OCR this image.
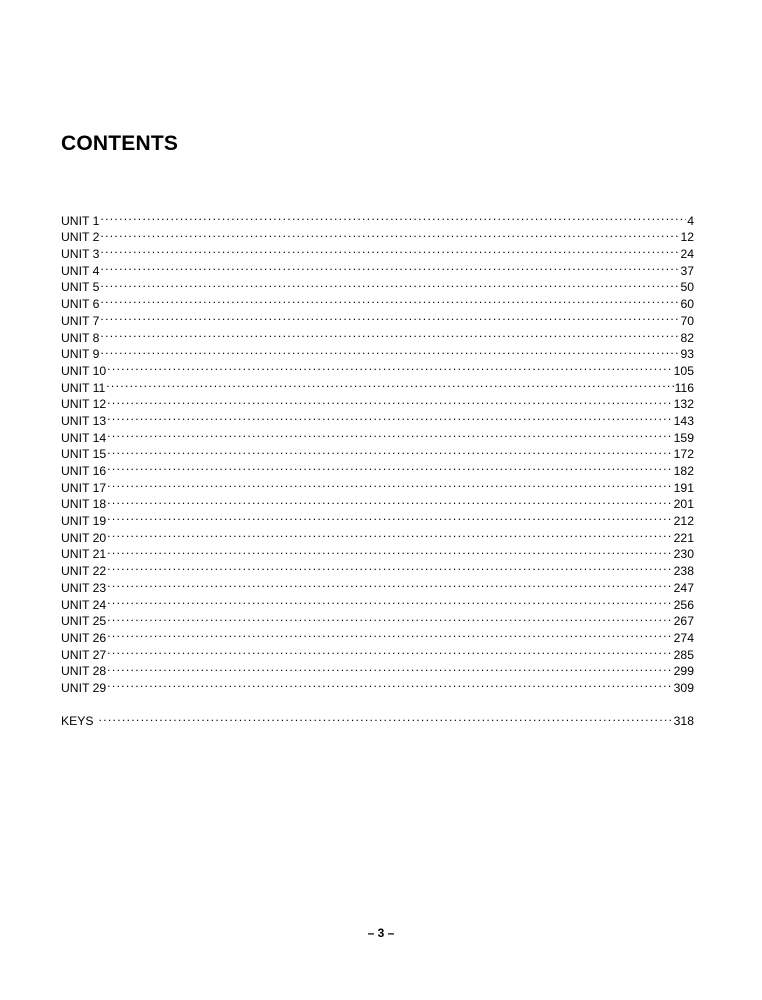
CONTENTS
UNIT 1 . . .	4
UNIT 2 . . .	12
UNIT 3 . . .	24
UNIT 4 . . .	37
UNIT 5 . . .	50
UNIT 6 . . .	60
UNIT 7 . . .	70
UNIT 8 . . .	82
UNIT 9 . . .	93
UNIT 10 . . .	105
UNIT 11 . . .	116
UNIT 12 . . .	132
UNIT 13 . . .	143
UNIT 14 . . .	159
UNIT 15 . . .	172
UNIT 16 . . .	182
UNIT 17 . . .	191
UNIT 18 . . .	201
UNIT 19 . . .	212
UNIT 20 . . .	221
UNIT 21 . . .	230
UNIT 22 . . .	238
UNIT 23 . . .	247
UNIT 24 . . .	256
UNIT 25 . . .	267
UNIT 26 . . .	274
UNIT 27 . . .	285
UNIT 28 . . .	299
UNIT 29 . . .	309
KEYS . . .	318
– 3 –
